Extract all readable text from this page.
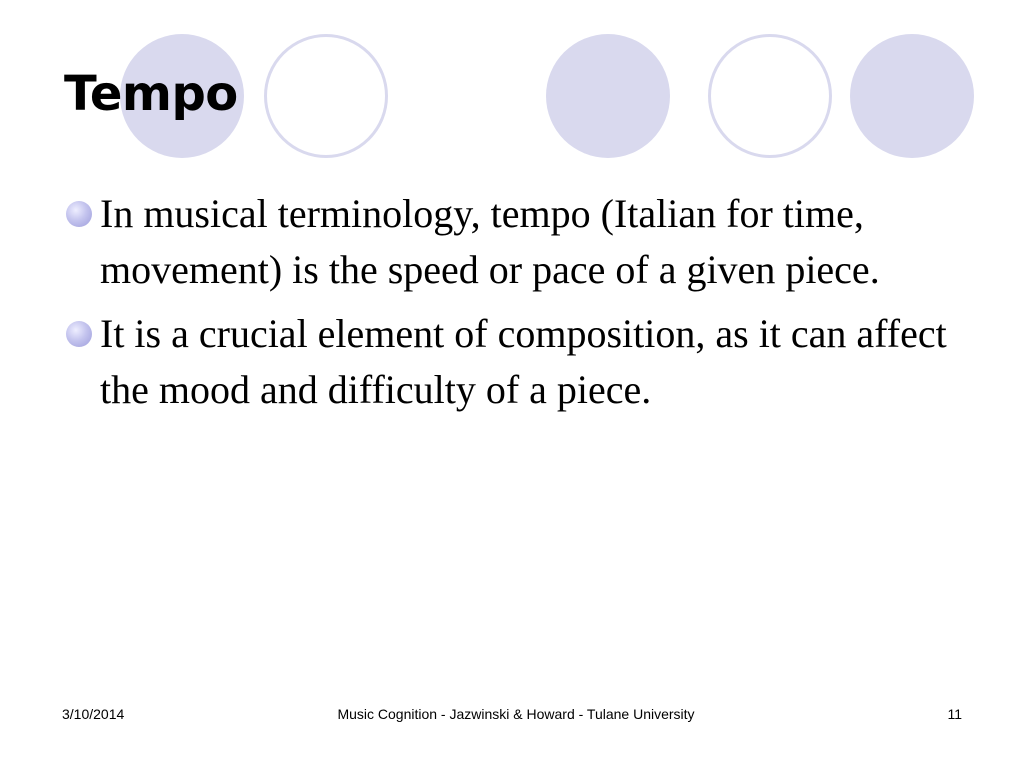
Tempo
In musical terminology, tempo (Italian for time, movement) is the speed or pace of a given piece.
It is a crucial element of composition, as it can affect the mood and difficulty of a piece.
3/10/2014	Music Cognition - Jazwinski & Howard - Tulane University	11
